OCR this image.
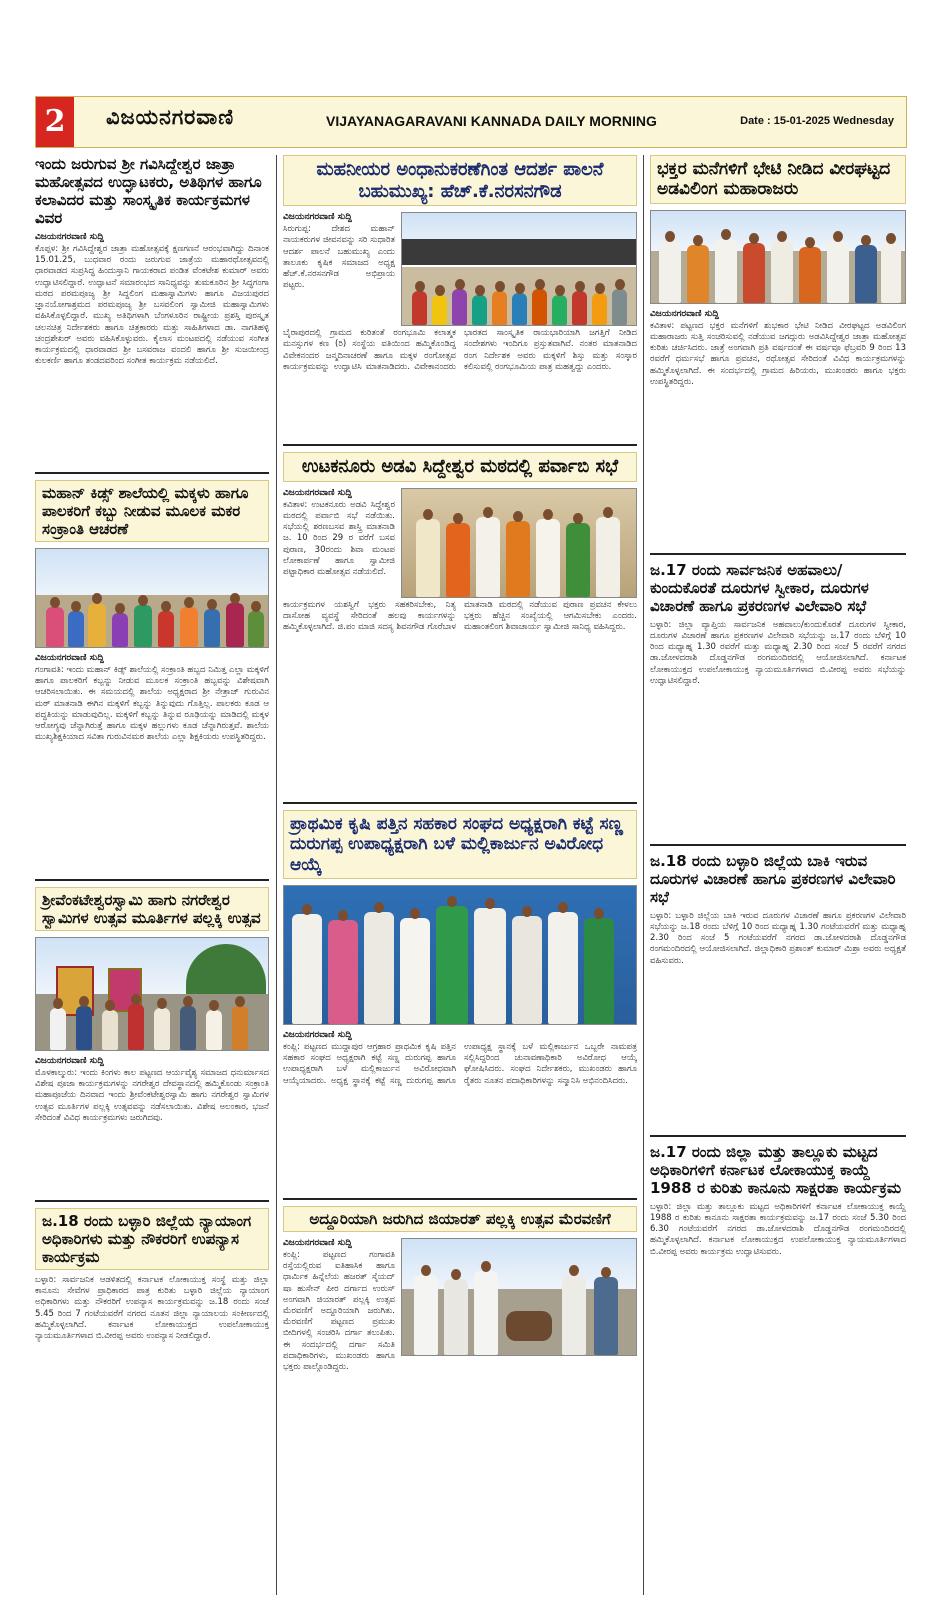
2	ವಿಜಯನಗರವಾಣಿ	VIJAYANAGARAVANI KANNADA DAILY MORNING	Date : 15-01-2025 Wednesday
ಇಂದು ಜರುಗುವ ಶ್ರೀ ಗವಿಸಿದ್ದೇಶ್ವರ ಜಾತ್ರಾ ಮಹೋತ್ಸವದ ಉದ್ಘಾಟಕರು, ಅತಿಥಿಗಳ ಹಾಗೂ ಕಲಾವಿದರ ಮತ್ತು ಸಾಂಸ್ಕೃತಿಕ ಕಾರ್ಯಕ್ರಮಗಳ ವಿವರ
ವಿಜಯನಗರವಾಣಿ ಸುದ್ದಿ
ಕೊಪ್ಪಳ: ಶ್ರೀ ಗವಿಸಿದ್ದೇಶ್ವರ ಜಾತ್ರಾ ಮಹೋತ್ಸವಕ್ಕೆ ಕ್ಷಣಗಣನೆ ಆರಂಭವಾಗಿದ್ದು ದಿನಾಂಕ 15.01.25, ಬುಧವಾರ ರಂದು ಜರುಗುವ ಜಾತ್ರೆಯ ಮಹಾರಥೋತ್ಸವದಲ್ಲಿ ಧಾರವಾಡದ ಸುಪ್ರಸಿದ್ಧ ಹಿಂದುಸ್ತಾನಿ ಗಾಯಕರಾದ ಪಂಡಿತ ವೆಂಕಟೇಶ ಕುಮಾರ್ ಅವರು ಉದ್ಘಾಟಿಸಲಿದ್ದಾರೆ. ಉದ್ಘಾಟನೆ ಸಮಾರಂಭದ ಸಾನಿಧ್ಯವನ್ನು ತುಮಕೂರಿನ ಶ್ರೀ ಸಿದ್ಧಗಂಗಾ ಮಠದ ಪರಮಪೂಜ್ಯ ಶ್ರೀ ಸಿದ್ದಲಿಂಗ ಮಹಾಸ್ವಾಮಿಗಳು ಹಾಗೂ ವಿಜಯಪುರದ ಜ್ಞಾನಯೋಗಾಶ್ರಮದ ಪರಮಪೂಜ್ಯ ಶ್ರೀ ಬಸವಲಿಂಗ ಸ್ವಾಮೀಜಿ ಮಹಾಸ್ವಾಮಿಗಳು ವಹಿಸಿಕೊಳ್ಳಲಿದ್ದಾರೆ. ಮುಖ್ಯ ಅತಿಥಿಗಳಾಗಿ ಬೆಂಗಳೂರಿನ ರಾಷ್ಟ್ರೀಯ ಪ್ರಶಸ್ತಿ ಪುರಸ್ಕೃತ ಚಲನಚಿತ್ರ ನಿರ್ದೇಶಕರು ಹಾಗೂ ಚಿತ್ರಕಾರರು ಮತ್ತು ಸಾಹಿತಿಗಳಾದ ಡಾ. ನಾಗತಿಹಳ್ಳಿ ಚಂದ್ರಶೇಖರ್ ಅವರು ವಹಿಸಿಕೊಳ್ಳುವರು. ಕೈಲಾಸ ಮಂಟಪದಲ್ಲಿ ನಡೆಯುವ ಸಂಗೀತ ಕಾರ್ಯಕ್ರಮದಲ್ಲಿ ಧಾರವಾಡದ ಶ್ರೀ ಬಸವರಾಜ ವಂದಲಿ ಹಾಗೂ ಶ್ರೀ ಸುಜಯೀಂದ್ರ ಕುಲಕರ್ಣಿ ಹಾಗೂ ತಂಡದವರಿಂದ ಸಂಗೀತ ಕಾರ್ಯಕ್ರಮ ನಡೆಯಲಿದೆ.
ಮಹಾನ್ ಕಿಡ್ಸ್ ಶಾಲೆಯಲ್ಲಿ ಮಕ್ಕಳು ಹಾಗೂ ಪಾಲಕರಿಗೆ ಕಬ್ಬು ನೀಡುವ ಮೂಲಕ ಮಕರ ಸಂಕ್ರಾಂತಿ ಆಚರಣೆ
ವಿಜಯನಗರವಾಣಿ ಸುದ್ದಿ
ಗಂಗಾವತಿ: ಇಂದು ಮಹಾನ್ ಕಿಡ್ಸ್ ಶಾಲೆಯಲ್ಲಿ ಸಂಕ್ರಾಂತಿ ಹಬ್ಬದ ನಿಮಿತ್ತ ಎಲ್ಲಾ ಮಕ್ಕಳಿಗೆ ಹಾಗೂ ಪಾಲಕರಿಗೆ ಕಬ್ಬನ್ನು ನೀಡುವ ಮೂಲಕ ಸಂಕ್ರಾಂತಿ ಹಬ್ಬವನ್ನು ವಿಶೇಷವಾಗಿ ಆಚರಿಸಲಾಯಿತು. ಈ ಸಮಯದಲ್ಲಿ ಶಾಲೆಯ ಅಧ್ಯಕ್ಷರಾದ ಶ್ರೀ ನೇತ್ರಾಜ್ ಗುರುವಿನ ಮಠ್ ಮಾತನಾಡಿ ಈಗಿನ ಮಕ್ಕಳಿಗೆ ಕಬ್ಬನ್ನು ತಿನ್ನುವುದು ಗೊತ್ತಿಲ್ಲ. ಪಾಲಕರು ಕೂಡ ಆ ಪದ್ಧತಿಯನ್ನು ಮಾಡುವುದಿಲ್ಲ. ಮಕ್ಕಳಿಗೆ ಕಬ್ಬನ್ನು ತಿನ್ನುವ ರೂಢಿಯನ್ನು ಮಾಡಿದಲ್ಲಿ ಮಕ್ಕಳ ಆರೋಗ್ಯವು ಚೆನ್ನಾಗಿರುತ್ತೆ ಹಾಗೂ ಮಕ್ಕಳ ಹಲ್ಲುಗಳು ಕೂಡ ಚೆನ್ನಾಗಿರುತ್ತವೆ. ಶಾಲೆಯ ಮುಖ್ಯಶಿಕ್ಷಕಿಯಾದ ಸವಿತಾ ಗುರುವಿನಮಠ ಶಾಲೆಯ ಎಲ್ಲಾ ಶಿಕ್ಷಕಿಯರು ಉಪಸ್ಥಿತರಿದ್ದರು.
ಶ್ರೀವೆಂಕಟೇಶ್ವರಸ್ವಾಮಿ ಹಾಗು ನಗರೇಶ್ವರ ಸ್ವಾಮಿಗಳ ಉತ್ಸವ ಮೂರ್ತಿಗಳ ಪಲ್ಲಕ್ಕಿ ಉತ್ಸವ
ವಿಜಯನಗರವಾಣಿ ಸುದ್ದಿ
ಮೊಳಕಾಲ್ಮುರು: ಇಂದು ಕಿಂಗಳು ಕಾಲ ಪಟ್ಟಣದ ಆರ್ಯವೈಶ್ಯ ಸಮಾಜದ ಧನುರ್ಮಾಸದ ವಿಶೇಷ ಪೂಜಾ ಕಾರ್ಯಕ್ರಮಗಳನ್ನು ನಗರೇಶ್ವರ ದೇವಸ್ಥಾನದಲ್ಲಿ ಹಮ್ಮಿಕೊಂಡು ಸಂಕ್ರಾಂತಿ ಮಹಾಪೂಜೆಯ ದಿನವಾದ ಇಂದು ಶ್ರೀವೆಂಕಟೇಶ್ವರಸ್ವಾಮಿ ಹಾಗು ನಗರೇಶ್ವರ ಸ್ವಾಮಿಗಳ ಉತ್ಸವ ಮೂರ್ತಿಗಳ ಪಲ್ಲಕ್ಕಿ ಉತ್ಸವವನ್ನು ನಡೆಸಲಾಯಿತು. ವಿಶೇಷ ಅಲಂಕಾರ, ಭಜನೆ ಸೇರಿದಂತೆ ವಿವಿಧ ಕಾರ್ಯಕ್ರಮಗಳು ಜರುಗಿದವು.
ಜ.18 ರಂದು ಬಳ್ಳಾರಿ ಜಿಲ್ಲೆಯ ನ್ಯಾಯಾಂಗ ಅಧಿಕಾರಿಗಳು ಮತ್ತು ನೌಕರರಿಗೆ ಉಪನ್ಯಾಸ ಕಾರ್ಯಕ್ರಮ
ಬಳ್ಳಾರಿ: ಸಾರ್ವಜನಿಕ ಆಡಳಿತದಲ್ಲಿ ಕರ್ನಾಟಕ ಲೋಕಾಯುಕ್ತ ಸಂಸ್ಥೆ ಮತ್ತು ಜಿಲ್ಲಾ ಕಾನೂನು ಸೇವೆಗಳ ಪ್ರಾಧಿಕಾರದ ಪಾತ್ರ ಕುರಿತು ಬಳ್ಳಾರಿ ಜಿಲ್ಲೆಯ ನ್ಯಾಯಾಂಗ ಅಧಿಕಾರಿಗಳು ಮತ್ತು ನೌಕರರಿಗೆ ಉಪನ್ಯಾಸ ಕಾರ್ಯಕ್ರಮವನ್ನು ಜ.18 ರಂದು ಸಂಜೆ 5.45 ರಿಂದ 7 ಗಂಟೆಯವರೆಗೆ ನಗರದ ನೂತನ ಜಿಲ್ಲಾ ನ್ಯಾಯಾಲಯ ಸಂಕೀರ್ಣದಲ್ಲಿ ಹಮ್ಮಿಕೊಳ್ಳಲಾಗಿದೆ. ಕರ್ನಾಟಕ ಲೋಕಾಯುಕ್ತದ ಉಪಲೋಕಾಯುಕ್ತ ನ್ಯಾಯಮೂರ್ತಿಗಳಾದ ಬಿ.ವೀರಪ್ಪ ಅವರು ಉಪನ್ಯಾಸ ನೀಡಲಿದ್ದಾರೆ.
ಮಹನೀಯರ ಅಂಧಾನುಕರಣೆಗಿಂತ ಆದರ್ಶ ಪಾಲನೆ ಬಹುಮುಖ್ಯ: ಹೆಚ್.ಕೆ.ನರಸನಗೌಡ
ವಿಜಯನಗರವಾಣಿ ಸುದ್ದಿ
ಸಿರುಗುಪ್ಪ: ದೇಶದ ಮಹಾನ್ ನಾಯಕರುಗಳ ಜೀವನವನ್ನು ಸರಿ ಸುಧಾರಿತ ಆದರ್ಶ ಪಾಲನೆ ಬಹುಮುಖ್ಯ ಎಂದು ತಾಲೂಕು ಕೃಷಿಕ ಸಮಾಜದ ಅಧ್ಯಕ್ಷ ಹೆಚ್.ಕೆ.ನರಸನಗೌಡ ಅಭಿಪ್ರಾಯ ಪಟ್ಟರು.
ಬೈರಾಪುರದಲ್ಲಿ ಗ್ರಾಮದ ಕುರಿತಂತೆ ರಂಗಭೂಮಿ ಕಲಾತ್ಮಕ ಮನಸ್ಸುಗಳ ಕಣ (ರಿ) ಸಂಸ್ಥೆಯ ವತಿಯಿಂದ ಹಮ್ಮಿಕೊಂಡಿದ್ದ ವಿವೇಕನಂದರ ಜನ್ಮದಿನಾಚರಣೆ ಹಾಗೂ ಮಕ್ಕಳ ರಂಗೋತ್ಸವ ಕಾರ್ಯಕ್ರಮವನ್ನು ಉದ್ಘಾಟಿಸಿ ಮಾತನಾಡಿದರು. ವಿವೇಕಾನಂದರು ಭಾರತದ ಸಾಂಸ್ಕೃತಿಕ ರಾಯಭಾರಿಯಾಗಿ ಜಗತ್ತಿಗೆ ನೀಡಿದ ಸಂದೇಶಗಳು ಇಂದಿಗೂ ಪ್ರಸ್ತುತವಾಗಿವೆ. ನಂತರ ಮಾತನಾಡಿದ ರಂಗ ನಿರ್ದೇಶಕ ಅವರು ಮಕ್ಕಳಿಗೆ ಶಿಸ್ತು ಮತ್ತು ಸಂಸ್ಕಾರ ಕಲಿಸುವಲ್ಲಿ ರಂಗಭೂಮಿಯ ಪಾತ್ರ ಮಹತ್ವದ್ದು ಎಂದರು.
ಉಟಕನೂರು ಅಡವಿ ಸಿದ್ದೇಶ್ವರ ಮಠದಲ್ಲಿ ಪರ್ವಾಬಿ ಸಭೆ
ವಿಜಯನಗರವಾಣಿ ಸುದ್ದಿ
ಕವಿತಾಳ: ಉಟಕನೂರು ಅಡವಿ ಸಿದ್ದೇಶ್ವರ ಮಠದಲ್ಲಿ ಪರ್ವಾಬಿ ಸಭೆ ನಡೆಯಿತು. ಸಭೆಯಲ್ಲಿ ಶರಣಬಸವ ಶಾಸ್ತ್ರಿ ಮಾತನಾಡಿ ಜ. 10 ರಿಂದ 29 ರ ವರೆಗೆ ಬಸವ ಪುರಾಣ, 30ರಂದು ಶಿವಾ ಮಂಟಪ ಲೋಕಾರ್ಪಣೆ ಹಾಗೂ ಸ್ವಾಮೀಜಿ ಪಟ್ಟಾಧಿಕಾರ ಮಹೋತ್ಸವ ನಡೆಯಲಿದೆ.
ಕಾರ್ಯಕ್ರಮಗಳ ಯಶಸ್ವಿಗೆ ಭಕ್ತರು ಸಹಕರಿಸಬೇಕು, ನಿತ್ಯ ದಾಸೋಹ ವ್ಯವಸ್ಥೆ ಸೇರಿದಂತೆ ಹಲವು ಕಾರ್ಯಗಳನ್ನು ಹಮ್ಮಿಕೊಳ್ಳಲಾಗಿದೆ. ಜಿ.ಪಂ ಮಾಜಿ ಸದಸ್ಯ ಶಿವನಗೌಡ ಗೊರೆಬಾಳ ಮಾತನಾಡಿ ಮಠದಲ್ಲಿ ನಡೆಯುವ ಪುರಾಣ ಪ್ರವಚನ ಕೇಳಲು ಭಕ್ತರು ಹೆಚ್ಚಿನ ಸಂಖ್ಯೆಯಲ್ಲಿ ಆಗಮಿಸಬೇಕು ಎಂದರು. ಮಹಾಂತಲಿಂಗ ಶಿವಾಚಾರ್ಯ ಸ್ವಾಮೀಜಿ ಸಾನಿಧ್ಯ ವಹಿಸಿದ್ದರು.
ಪ್ರಾಥಮಿಕ ಕೃಷಿ ಪತ್ತಿನ ಸಹಕಾರ ಸಂಘದ ಅಧ್ಯಕ್ಷರಾಗಿ ಕಟ್ಟೆ ಸಣ್ಣ ದುರುಗಪ್ಪ ಉಪಾಧ್ಯಕ್ಷರಾಗಿ ಬಳೆ ಮಲ್ಲಿಕಾರ್ಜುನ ಅವಿರೋಧ ಆಯ್ಕೆ
ವಿಜಯನಗರವಾಣಿ ಸುದ್ದಿ
ಕಂಪ್ಲಿ: ಪಟ್ಟಣದ ಮುದ್ದಾಪುರ ಆಗ್ರಹಾರ ಪ್ರಾಥಮಿಕ ಕೃಷಿ ಪತ್ತಿನ ಸಹಕಾರ ಸಂಘದ ಅಧ್ಯಕ್ಷರಾಗಿ ಕಟ್ಟೆ ಸಣ್ಣ ದುರುಗಪ್ಪ ಹಾಗೂ ಉಪಾಧ್ಯಕ್ಷರಾಗಿ ಬಳೆ ಮಲ್ಲಿಕಾರ್ಜುನ ಅವಿರೋಧವಾಗಿ ಆಯ್ಕೆಯಾದರು. ಅಧ್ಯಕ್ಷ ಸ್ಥಾನಕ್ಕೆ ಕಟ್ಟೆ ಸಣ್ಣ ದುರುಗಪ್ಪ ಹಾಗೂ ಉಪಾಧ್ಯಕ್ಷ ಸ್ಥಾನಕ್ಕೆ ಬಳೆ ಮಲ್ಲಿಕಾರ್ಜುನ ಒಬ್ಬರೇ ನಾಮಪತ್ರ ಸಲ್ಲಿಸಿದ್ದರಿಂದ ಚುನಾವಣಾಧಿಕಾರಿ ಅವಿರೋಧ ಆಯ್ಕೆ ಘೋಷಿಸಿದರು. ಸಂಘದ ನಿರ್ದೇಶಕರು, ಮುಖಂಡರು ಹಾಗೂ ರೈತರು ನೂತನ ಪದಾಧಿಕಾರಿಗಳನ್ನು ಸನ್ಮಾನಿಸಿ ಅಭಿನಂದಿಸಿದರು.
ಅದ್ದೂರಿಯಾಗಿ ಜರುಗಿದ ಜಿಯಾರತ್ ಪಲ್ಲಕ್ಕಿ ಉತ್ಸವ ಮೆರವಣಿಗೆ
ವಿಜಯನಗರವಾಣಿ ಸುದ್ದಿ
ಕಂಪ್ಲಿ: ಪಟ್ಟಣದ ಗಂಗಾವತಿ ರಸ್ತೆಯಲ್ಲಿರುವ ಐತಿಹಾಸಿಕ ಹಾಗೂ ಧಾರ್ಮಿಕ ಹಿನ್ನೆಲೆಯ ಹಜರತ್ ಸೈಯದ್ ಷಾ ಹುಸೇನ್ ಪೀರ ದರ್ಗಾದ ಉರುಸ್ ಅಂಗವಾಗಿ ಜಿಯಾರತ್ ಪಲ್ಲಕ್ಕಿ ಉತ್ಸವ ಮೆರವಣಿಗೆ ಅದ್ದೂರಿಯಾಗಿ ಜರುಗಿತು. ಮೆರವಣಿಗೆ ಪಟ್ಟಣದ ಪ್ರಮುಖ ಬೀದಿಗಳಲ್ಲಿ ಸಂಚರಿಸಿ ದರ್ಗಾ ತಲುಪಿತು. ಈ ಸಂದರ್ಭದಲ್ಲಿ ದರ್ಗಾ ಸಮಿತಿ ಪದಾಧಿಕಾರಿಗಳು, ಮುಖಂಡರು ಹಾಗೂ ಭಕ್ತರು ಪಾಲ್ಗೊಂಡಿದ್ದರು.
ಭಕ್ತರ ಮನೆಗಳಿಗೆ ಭೇಟಿ ನೀಡಿದ ವೀರಘಟ್ಟದ ಅಡವಿಲಿಂಗ ಮಹಾರಾಜರು
ವಿಜಯನಗರವಾಣಿ ಸುದ್ದಿ
ಕವಿತಾಳ: ಪಟ್ಟಣದ ಭಕ್ತರ ಮನೆಗಳಿಗೆ ಶುಭಕಾರ ಭೇಟಿ ನೀಡಿದ ವೀರಘಟ್ಟದ ಅಡವಿಲಿಂಗ ಮಹಾರಾಜರು ಸುತ್ತಿ ಸಂಚರಿಸುವಲ್ಲಿ ನಡೆಯುವ ಜಗದ್ಗುರು ಅಡವಿಸಿದ್ದೇಶ್ವರ ಜಾತ್ರಾ ಮಹೋತ್ಸವ ಕುರಿತು ಚರ್ಚಿಸಿದರು. ಜಾತ್ರೆ ಅಂಗವಾಗಿ ಪ್ರತಿ ವರ್ಷದಂತೆ ಈ ವರ್ಷವೂ ಫೆಬ್ರವರಿ 9 ರಿಂದ 13 ರವರೆಗೆ ಧರ್ಮಸಭೆ ಹಾಗೂ ಪ್ರವಚನ, ರಥೋತ್ಸವ ಸೇರಿದಂತೆ ವಿವಿಧ ಕಾರ್ಯಕ್ರಮಗಳನ್ನು ಹಮ್ಮಿಕೊಳ್ಳಲಾಗಿದೆ. ಈ ಸಂದರ್ಭದಲ್ಲಿ ಗ್ರಾಮದ ಹಿರಿಯರು, ಮುಖಂಡರು ಹಾಗೂ ಭಕ್ತರು ಉಪಸ್ಥಿತರಿದ್ದರು.
ಜ.17 ರಂದು ಸಾರ್ವಜನಿಕ ಅಹವಾಲು/ ಕುಂದುಕೊರತೆ ದೂರುಗಳ ಸ್ವೀಕಾರ, ದೂರುಗಳ ವಿಚಾರಣೆ ಹಾಗೂ ಪ್ರಕರಣಗಳ ವಿಲೇವಾರಿ ಸಭೆ
ಬಳ್ಳಾರಿ: ಜಿಲ್ಲಾ ವ್ಯಾಪ್ತಿಯ ಸಾರ್ವಜನಿಕ ಅಹವಾಲು/ಕುಂದುಕೊರತೆ ದೂರುಗಳ ಸ್ವೀಕಾರ, ದೂರುಗಳ ವಿಚಾರಣೆ ಹಾಗೂ ಪ್ರಕರಣಗಳ ವಿಲೇವಾರಿ ಸಭೆಯನ್ನು ಜ.17 ರಂದು ಬೆಳಿಗ್ಗೆ 10 ರಿಂದ ಮಧ್ಯಾಹ್ನ 1.30 ರವರೆಗೆ ಮತ್ತು ಮಧ್ಯಾಹ್ನ 2.30 ರಿಂದ ಸಂಜೆ 5 ರವರೆಗೆ ನಗರದ ಡಾ.ಜೋಳದರಾಶಿ ದೊಡ್ಡನಗೌಡ ರಂಗಮಂದಿರದಲ್ಲಿ ಆಯೋಜಿಸಲಾಗಿದೆ. ಕರ್ನಾಟಕ ಲೋಕಾಯುಕ್ತದ ಉಪಲೋಕಾಯುಕ್ತ ನ್ಯಾಯಮೂರ್ತಿಗಳಾದ ಬಿ.ವೀರಪ್ಪ ಅವರು ಸಭೆಯನ್ನು ಉದ್ಘಾಟಿಸಲಿದ್ದಾರೆ.
ಜ.18 ರಂದು ಬಳ್ಳಾರಿ ಜಿಲ್ಲೆಯ ಬಾಕಿ ಇರುವ ದೂರುಗಳ ವಿಚಾರಣೆ ಹಾಗೂ ಪ್ರಕರಣಗಳ ವಿಲೇವಾರಿ ಸಭೆ
ಬಳ್ಳಾರಿ: ಬಳ್ಳಾರಿ ಜಿಲ್ಲೆಯ ಬಾಕಿ ಇರುವ ದೂರುಗಳ ವಿಚಾರಣೆ ಹಾಗೂ ಪ್ರಕರಣಗಳ ವಿಲೇವಾರಿ ಸಭೆಯನ್ನು ಜ.18 ರಂದು ಬೆಳಿಗ್ಗೆ 10 ರಿಂದ ಮಧ್ಯಾಹ್ನ 1.30 ಗಂಟೆಯವರೆಗೆ ಮತ್ತು ಮಧ್ಯಾಹ್ನ 2.30 ರಿಂದ ಸಂಜೆ 5 ಗಂಟೆಯವರೆಗೆ ನಗರದ ಡಾ.ಜೋಳದರಾಶಿ ದೊಡ್ಡನಗೌಡ ರಂಗಮಂದಿರದಲ್ಲಿ ಆಯೋಜಿಸಲಾಗಿದೆ. ಜಿಲ್ಲಾಧಿಕಾರಿ ಪ್ರಶಾಂತ್ ಕುಮಾರ್ ಮಿಶ್ರಾ ಅವರು ಅಧ್ಯಕ್ಷತೆ ವಹಿಸುವರು.
ಜ.17 ರಂದು ಜಿಲ್ಲಾ ಮತ್ತು ತಾಲ್ಲೂಕು ಮಟ್ಟದ ಅಧಿಕಾರಿಗಳಿಗೆ ಕರ್ನಾಟಕ ಲೋಕಾಯುಕ್ತ ಕಾಯ್ದೆ 1988 ರ ಕುರಿತು ಕಾನೂನು ಸಾಕ್ಷರತಾ ಕಾರ್ಯಕ್ರಮ
ಬಳ್ಳಾರಿ: ಜಿಲ್ಲಾ ಮತ್ತು ತಾಲ್ಲೂಕು ಮಟ್ಟದ ಅಧಿಕಾರಿಗಳಿಗೆ ಕರ್ನಾಟಕ ಲೋಕಾಯುಕ್ತ ಕಾಯ್ದೆ 1988 ರ ಕುರಿತು ಕಾನೂನು ಸಾಕ್ಷರತಾ ಕಾರ್ಯಕ್ರಮವನ್ನು ಜ.17 ರಂದು ಸಂಜೆ 5.30 ರಿಂದ 6.30 ಗಂಟೆಯವರೆಗೆ ನಗರದ ಡಾ.ಜೋಳದರಾಶಿ ದೊಡ್ಡನಗೌಡ ರಂಗಮಂದಿರದಲ್ಲಿ ಹಮ್ಮಿಕೊಳ್ಳಲಾಗಿದೆ. ಕರ್ನಾಟಕ ಲೋಕಾಯುಕ್ತದ ಉಪಲೋಕಾಯುಕ್ತ ನ್ಯಾಯಮೂರ್ತಿಗಳಾದ ಬಿ.ವೀರಪ್ಪ ಅವರು ಕಾರ್ಯಕ್ರಮ ಉದ್ಘಾಟಿಸುವರು.
